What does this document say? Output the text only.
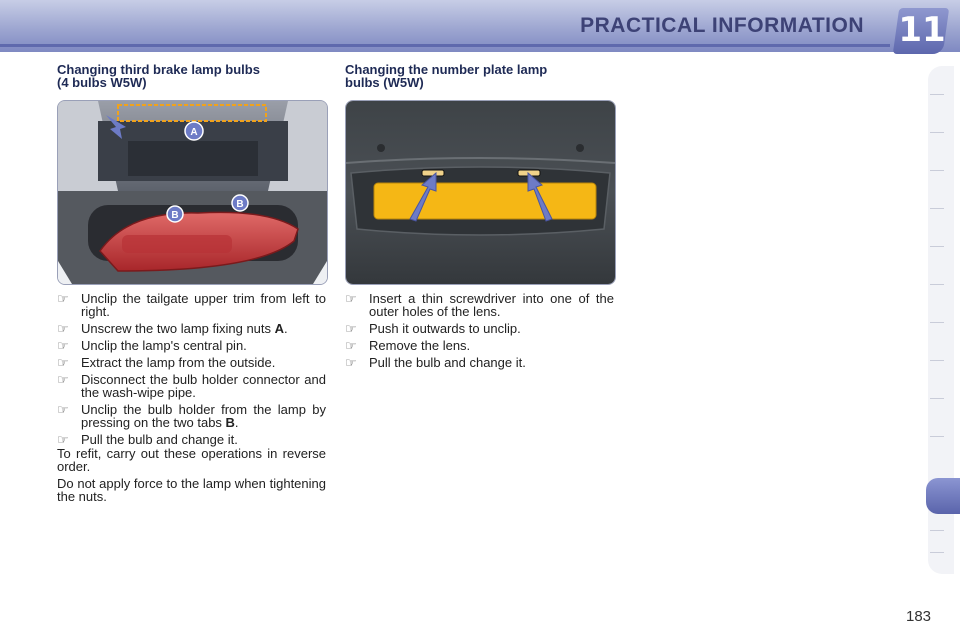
PRACTICAL INFORMATION 11
Changing third brake lamp bulbs
(4 bulbs W5W)
A
B
B
☞ Unclip the tailgate upper trim from left to right.
☞ Unscrew the two lamp fixing nuts A.
☞ Unclip the lamp's central pin.
☞ Extract the lamp from the outside.
☞ Disconnect the bulb holder connector and the wash-wipe pipe.
☞ Unclip the bulb holder from the lamp by pressing on the two tabs B.
☞ Pull the bulb and change it.

To refit, carry out these operations in reverse order.

Do not apply force to the lamp when tightening the nuts.

Changing the number plate lamp
bulbs (W5W)
☞ Insert a thin screwdriver into one of the outer holes of the lens.
☞ Push it outwards to unclip.
☞ Remove the lens.
☞ Pull the bulb and change it.
183
